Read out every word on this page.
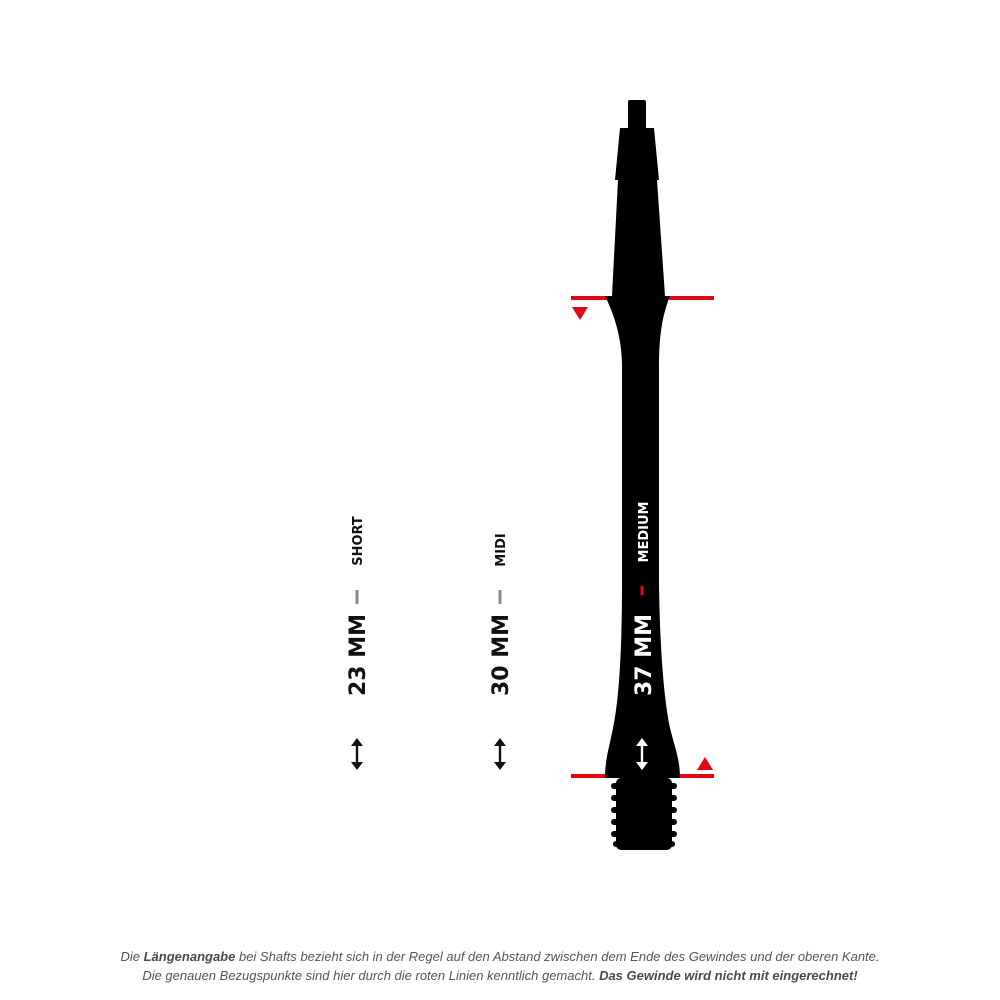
SHORT
23 MM
MIDI
30 MM
MEDIUM
37 MM
Die Längenangabe bei Shafts bezieht sich in der Regel auf den Abstand zwischen dem Ende des Gewindes und der oberen Kante.
Die genauen Bezugspunkte sind hier durch die roten Linien kenntlich gemacht. Das Gewinde wird nicht mit eingerechnet!
